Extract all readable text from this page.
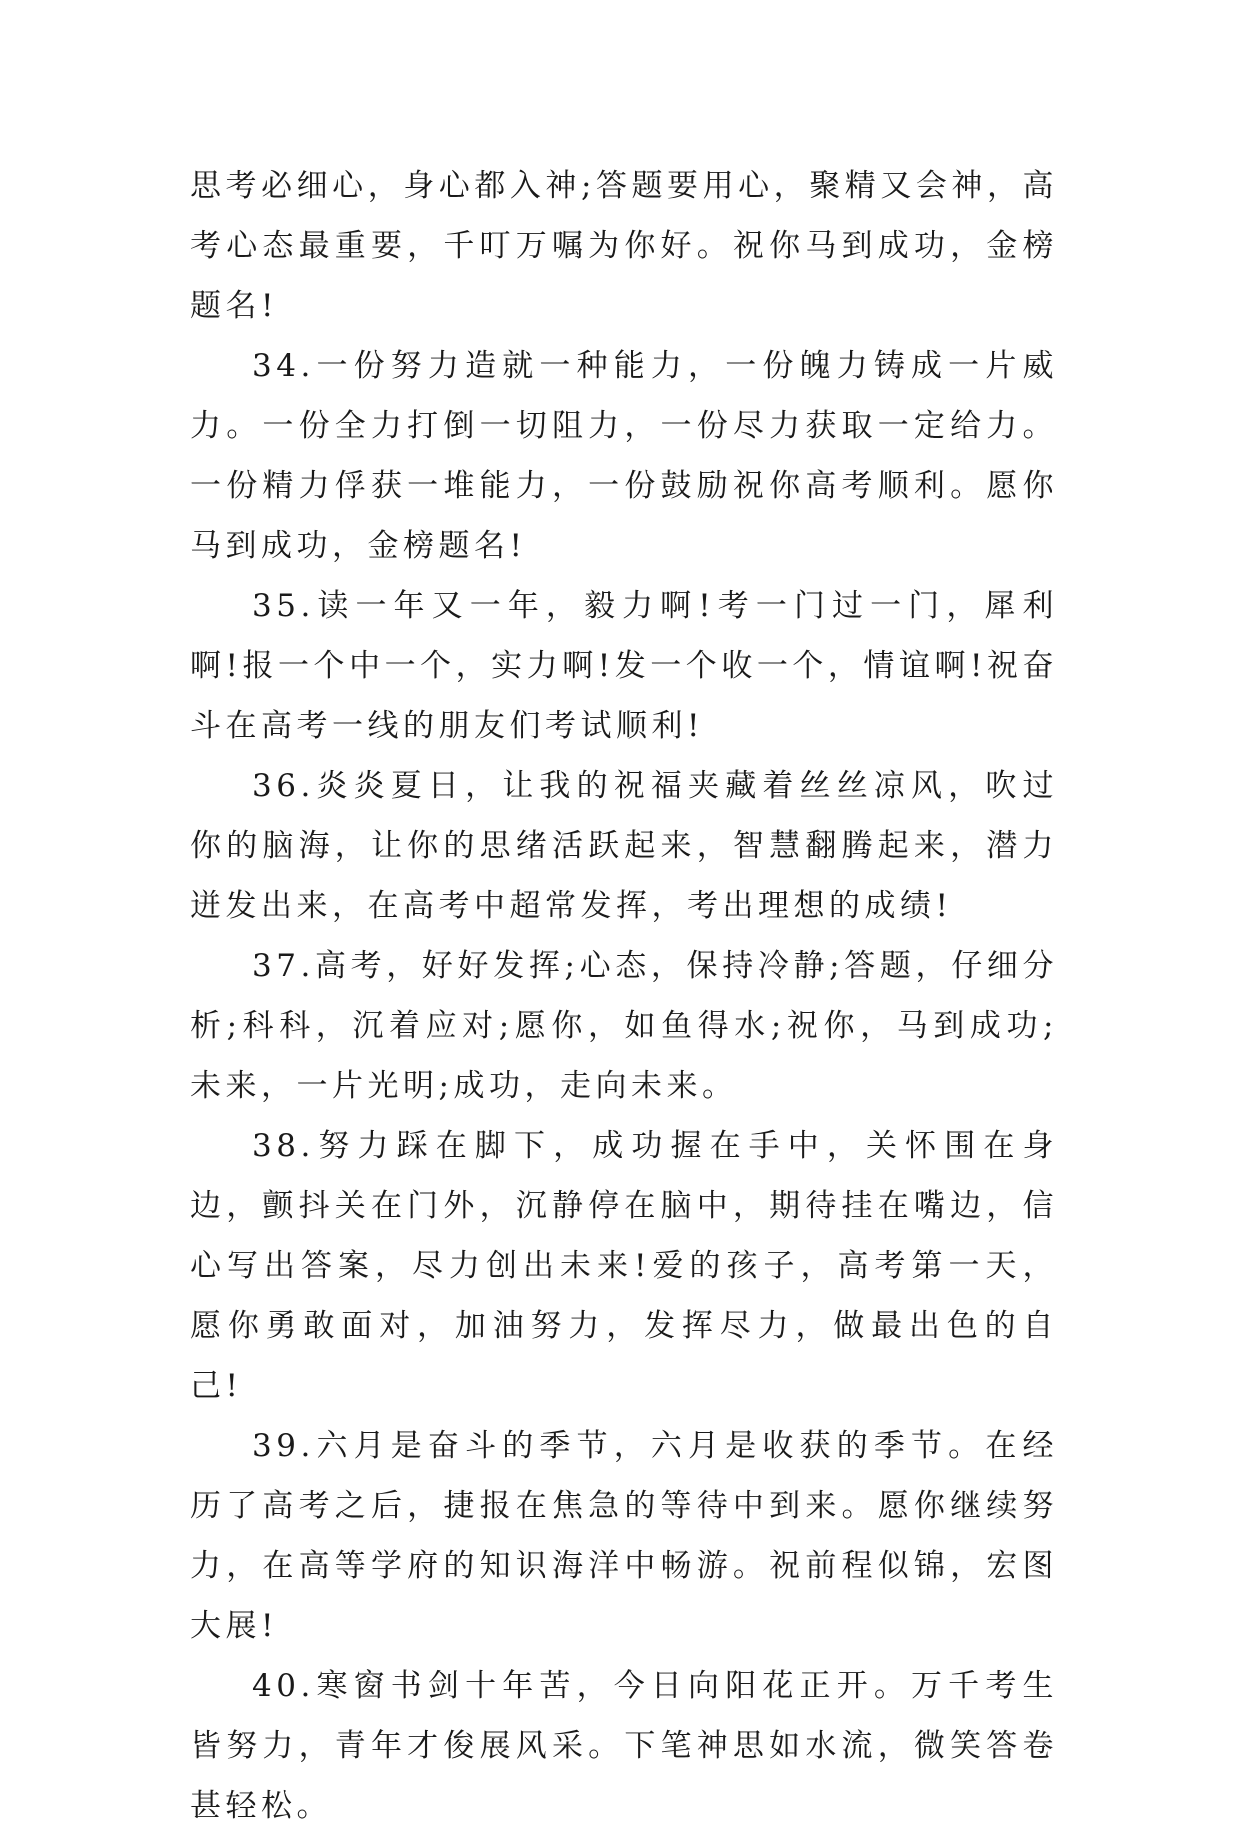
思考必细心，身心都入神;答题要用心，聚精又会神，高考心态最重要，千叮万嘱为你好。祝你马到成功，金榜题名!

34.一份努力造就一种能力，一份魄力铸成一片威力。一份全力打倒一切阻力，一份尽力获取一定给力。一份精力俘获一堆能力，一份鼓励祝你高考顺利。愿你马到成功，金榜题名!

35.读一年又一年，毅力啊!考一门过一门，犀利啊!报一个中一个，实力啊!发一个收一个，情谊啊!祝奋斗在高考一线的朋友们考试顺利!

36.炎炎夏日，让我的祝福夹藏着丝丝凉风，吹过你的脑海，让你的思绪活跃起来，智慧翻腾起来，潜力迸发出来，在高考中超常发挥，考出理想的成绩!

37.高考，好好发挥;心态，保持冷静;答题，仔细分析;科科，沉着应对;愿你，如鱼得水;祝你，马到成功;未来，一片光明;成功，走向未来。

38.努力踩在脚下，成功握在手中，关怀围在身边，颤抖关在门外，沉静停在脑中，期待挂在嘴边，信心写出答案，尽力创出未来!爱的孩子，高考第一天，愿你勇敢面对，加油努力，发挥尽力，做最出色的自己!

39.六月是奋斗的季节，六月是收获的季节。在经历了高考之后，捷报在焦急的等待中到来。愿你继续努力，在高等学府的知识海洋中畅游。祝前程似锦，宏图大展!

40.寒窗书剑十年苦，今日向阳花正开。万千考生皆努力，青年才俊展风采。下笔神思如水流，微笑答卷甚轻松。
